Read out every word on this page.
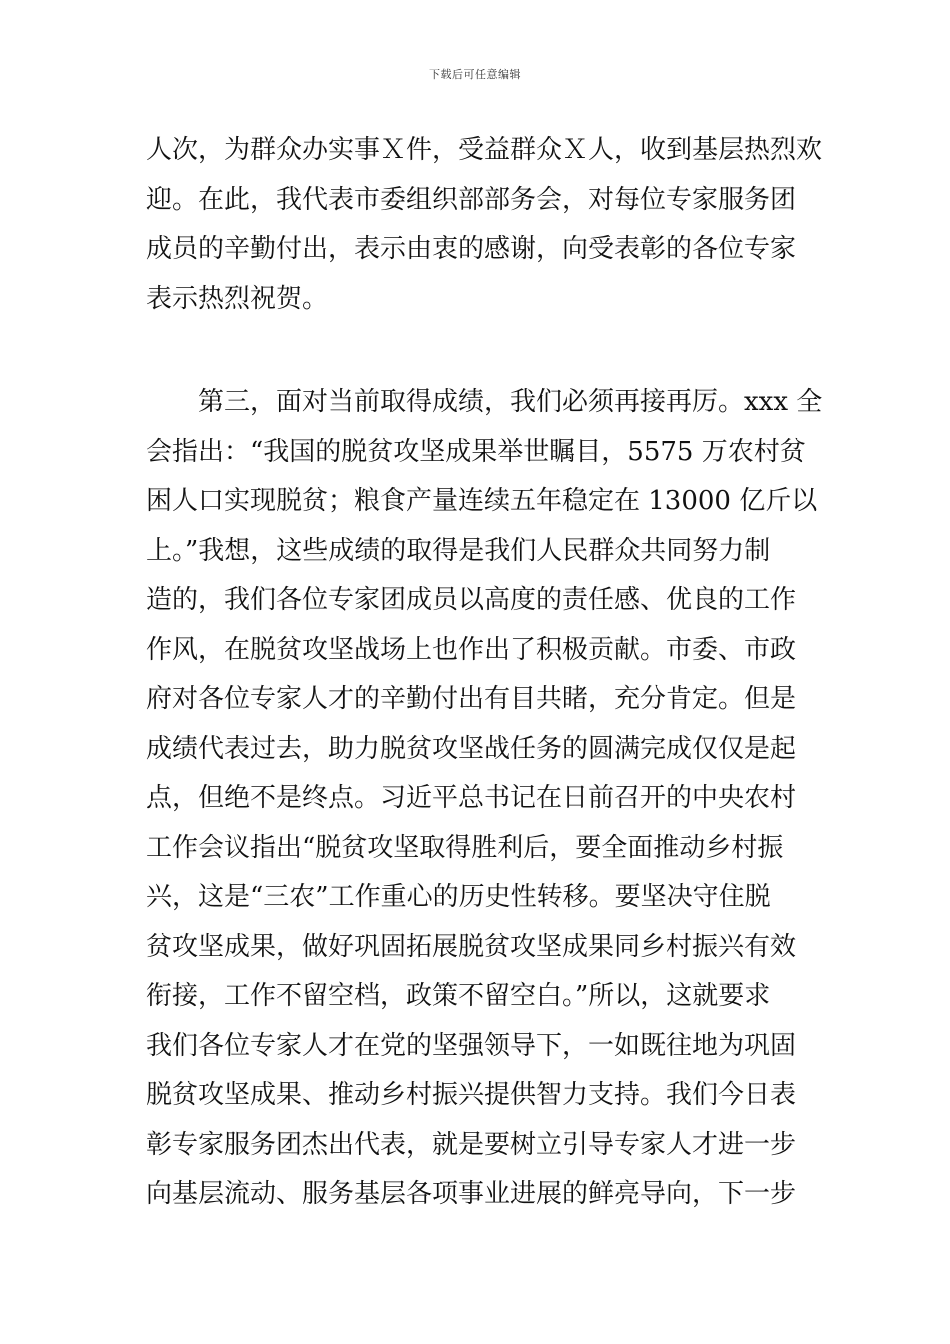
下载后可任意编辑
人次，为群众办实事Ｘ件，受益群众Ｘ人，收到基层热烈欢
迎。在此，我代表市委组织部部务会，对每位专家服务团
成员的辛勤付出，表示由衷的感谢，向受表彰的各位专家
表示热烈祝贺。
第三，面对当前取得成绩，我们必须再接再厉。xxx 全
会指出：“我国的脱贫攻坚成果举世瞩目，5575 万农村贫
困人口实现脱贫；粮食产量连续五年稳定在 13000 亿斤以
上。”我想，这些成绩的取得是我们人民群众共同努力制
造的，我们各位专家团成员以高度的责任感、优良的工作
作风，在脱贫攻坚战场上也作出了积极贡献。市委、市政
府对各位专家人才的辛勤付出有目共睹，充分肯定。但是
成绩代表过去，助力脱贫攻坚战任务的圆满完成仅仅是起
点，但绝不是终点。习近平总书记在日前召开的中央农村
工作会议指出“脱贫攻坚取得胜利后，要全面推动乡村振
兴，这是“三农”工作重心的历史性转移。要坚决守住脱
贫攻坚成果，做好巩固拓展脱贫攻坚成果同乡村振兴有效
衔接，工作不留空档，政策不留空白。”所以，这就要求
我们各位专家人才在党的坚强领导下，一如既往地为巩固
脱贫攻坚成果、推动乡村振兴提供智力支持。我们今日表
彰专家服务团杰出代表，就是要树立引导专家人才进一步
向基层流动、服务基层各项事业进展的鲜亮导向，下一步
